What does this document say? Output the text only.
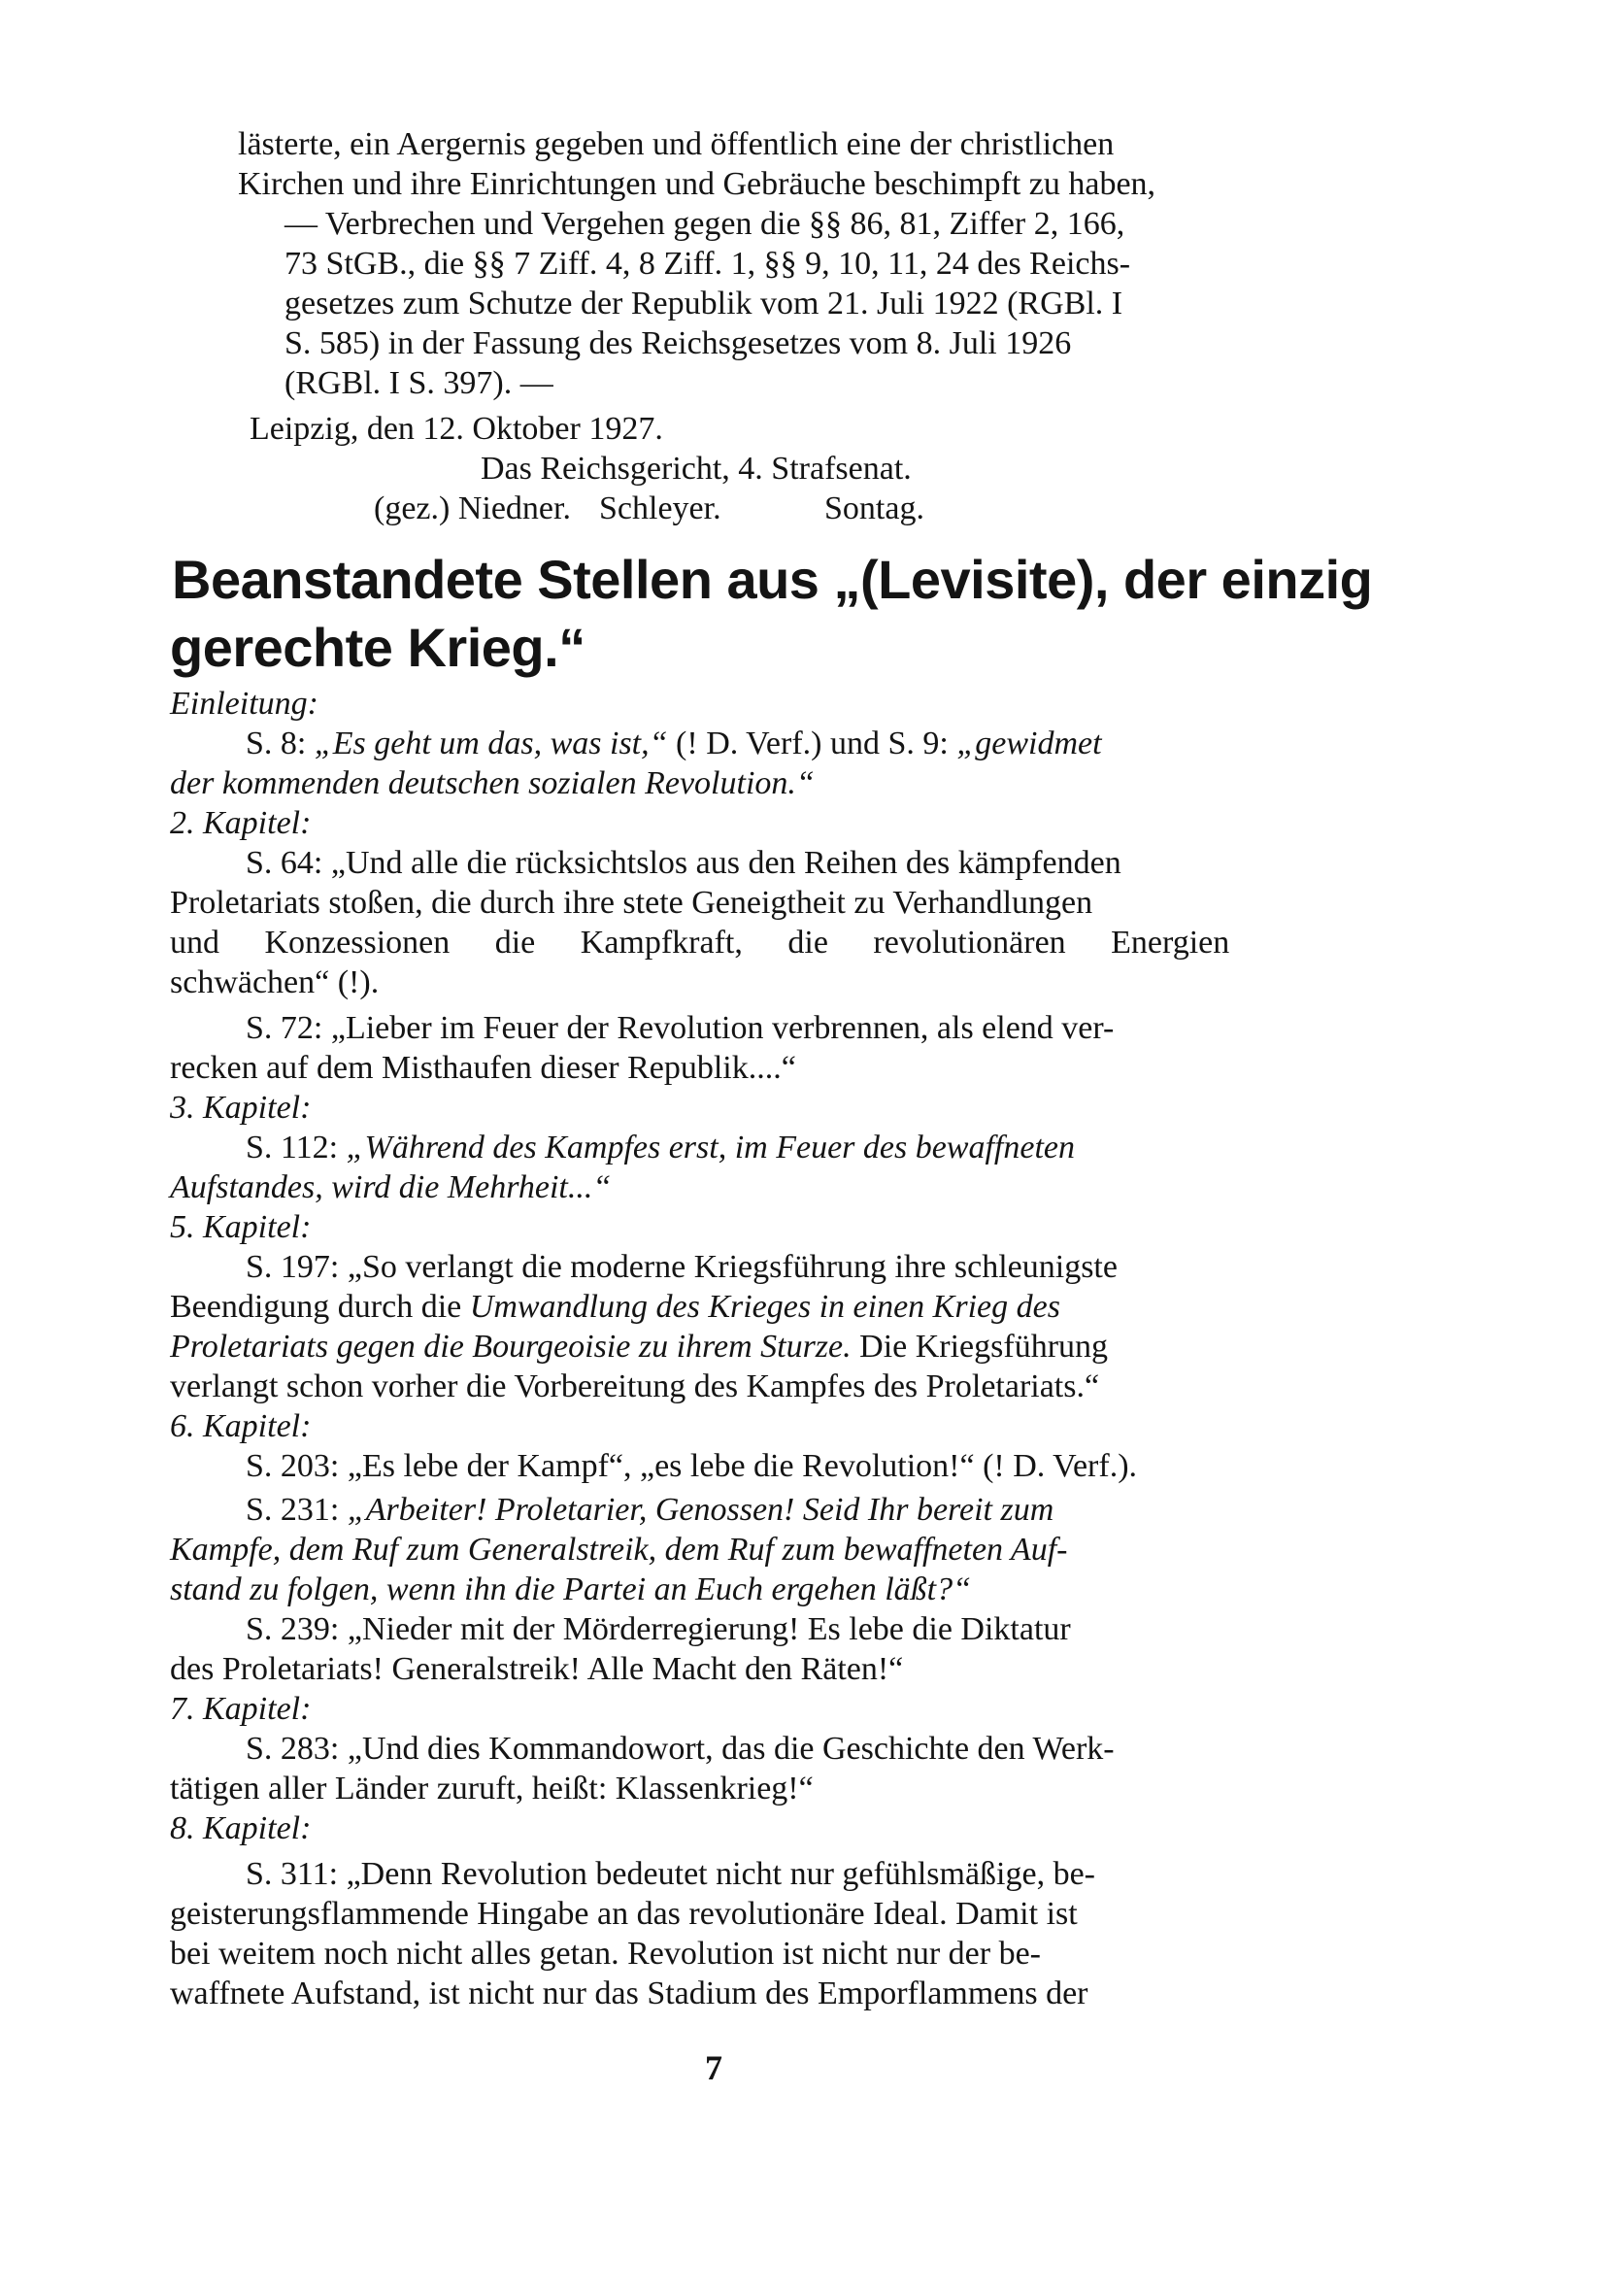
lästerte, ein Aergernis gegeben und öffentlich eine der christlichen
Kirchen und ihre Einrichtungen und Gebräuche beschimpft zu haben,
— Verbrechen und Vergehen gegen die §§ 86, 81, Ziffer 2, 166,
73 StGB., die §§ 7 Ziff. 4, 8 Ziff. 1, §§ 9, 10, 11, 24 des Reichs-
gesetzes zum Schutze der Republik vom 21. Juli 1922 (RGBl. I
S. 585) in der Fassung des Reichsgesetzes vom 8. Juli 1926
(RGBl. I S. 397). —
Leipzig, den 12. Oktober 1927.
Das Reichsgericht, 4. Strafsenat.
(gez.) Niedner. Schleyer.	Sontag.
Beanstandete Stellen aus „(Levisite), der einzig
gerechte Krieg.“
Einleitung:
S. 8: „Es geht um das, was ist,“ (! D. Verf.) und S. 9: „gewidmet
der kommenden deutschen sozialen Revolution.“
2. Kapitel:
S. 64: „Und alle die rücksichtslos aus den Reihen des kämpfenden
Proletariats stoßen, die durch ihre stete Geneigtheit zu Verhandlungen
und Konzessionen die Kampfkraft, die revolutionären Energien
schwächen“ (!).
S. 72: „Lieber im Feuer der Revolution verbrennen, als elend ver-
recken auf dem Misthaufen dieser Republik....“
3. Kapitel:
S. 112: „Während des Kampfes erst, im Feuer des bewaffneten
Aufstandes, wird die Mehrheit...“
5. Kapitel:
S. 197: „So verlangt die moderne Kriegsführung ihre schleunigste
Beendigung durch die Umwandlung des Krieges in einen Krieg des
Proletariats gegen die Bourgeoisie zu ihrem Sturze. Die Kriegsführung
verlangt schon vorher die Vorbereitung des Kampfes des Proletariats.“
6. Kapitel:
S. 203: „Es lebe der Kampf“, „es lebe die Revolution!“ (! D. Verf.).
S. 231: „Arbeiter! Proletarier, Genossen! Seid Ihr bereit zum
Kampfe, dem Ruf zum Generalstreik, dem Ruf zum bewaffneten Auf-
stand zu folgen, wenn ihn die Partei an Euch ergehen läßt?“
S. 239: „Nieder mit der Mörderregierung! Es lebe die Diktatur
des Proletariats! Generalstreik! Alle Macht den Räten!“
7. Kapitel:
S. 283: „Und dies Kommandowort, das die Geschichte den Werk-
tätigen aller Länder zuruft, heißt: Klassenkrieg!“
8. Kapitel:
S. 311: „Denn Revolution bedeutet nicht nur gefühlsmäßige, be-
geisterungsflammende Hingabe an das revolutionäre Ideal. Damit ist
bei weitem noch nicht alles getan. Revolution ist nicht nur der be-
waffnete Aufstand, ist nicht nur das Stadium des Emporflammens der
7
